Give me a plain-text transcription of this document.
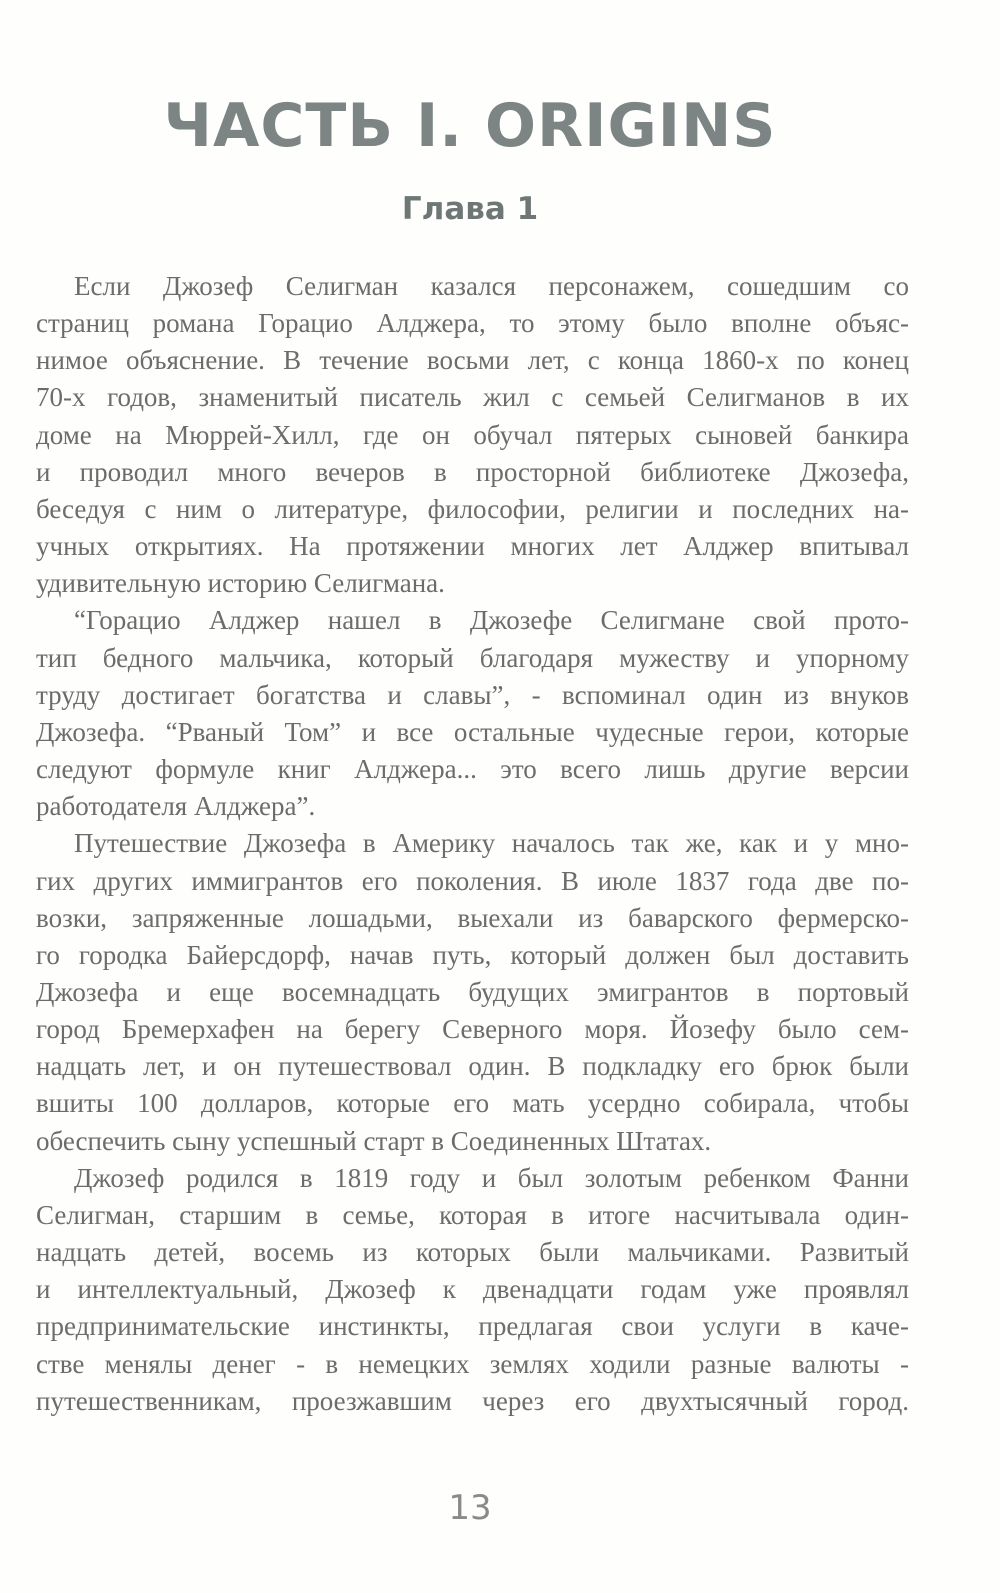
ЧАСТЬ I. ORIGINS
Глава 1
Если Джозеф Селигман казался персонажем, сошедшим со
страниц романа Горацио Алджера, то этому было вполне объяс-
нимое объяснение. В течение восьми лет, с конца 1860-х по конец
70-х годов, знаменитый писатель жил с семьей Селигманов в их
доме на Мюррей-Хилл, где он обучал пятерых сыновей банкира
и проводил много вечеров в просторной библиотеке Джозефа,
беседуя с ним о литературе, философии, религии и последних на-
учных открытиях. На протяжении многих лет Алджер впитывал
удивительную историю Селигмана.
“Горацио Алджер нашел в Джозефе Селигмане свой прото-
тип бедного мальчика, который благодаря мужеству и упорному
труду достигает богатства и славы”, - вспоминал один из внуков
Джозефа. “Рваный Том” и все остальные чудесные герои, которые
следуют формуле книг Алджера... это всего лишь другие версии
работодателя Алджера”.
Путешествие Джозефа в Америку началось так же, как и у мно-
гих других иммигрантов его поколения. В июле 1837 года две по-
возки, запряженные лошадьми, выехали из баварского фермерско-
го городка Байерсдорф, начав путь, который должен был доставить
Джозефа и еще восемнадцать будущих эмигрантов в портовый
город Бремерхафен на берегу Северного моря. Йозефу было сем-
надцать лет, и он путешествовал один. В подкладку его брюк были
вшиты 100 долларов, которые его мать усердно собирала, чтобы
обеспечить сыну успешный старт в Соединенных Штатах.
Джозеф родился в 1819 году и был золотым ребенком Фанни
Селигман, старшим в семье, которая в итоге насчитывала один-
надцать детей, восемь из которых были мальчиками. Развитый
и интеллектуальный, Джозеф к двенадцати годам уже проявлял
предпринимательские инстинкты, предлагая свои услуги в каче-
стве менялы денег - в немецких землях ходили разные валюты -
путешественникам, проезжавшим через его двухтысячный город.
13
